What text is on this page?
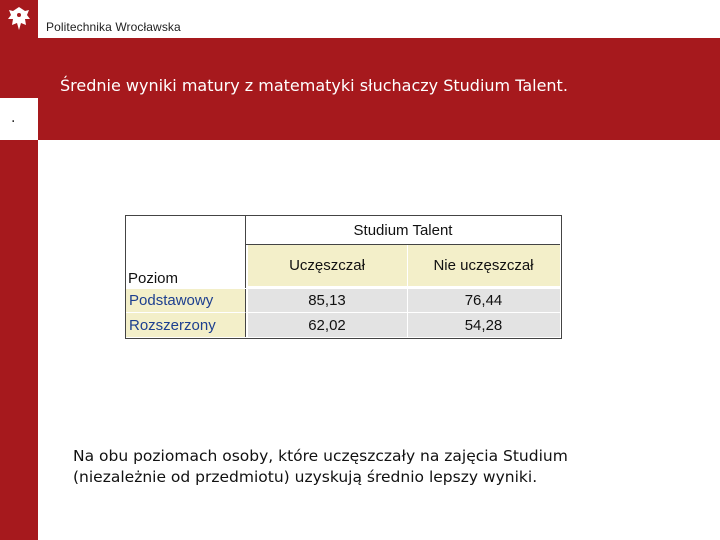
Politechnika Wrocławska
.
Średnie wyniki matury z matematyki słuchaczy Studium Talent.
Poziom
Studium Talent
Uczęszczał	Nie uczęszczał
Podstawowy	85,13	76,44
Rozszerzony	62,02	54,28
Na obu poziomach osoby, które uczęszczały na zajęcia Studium
(niezależnie od przedmiotu) uzyskują średnio lepszy wyniki.
